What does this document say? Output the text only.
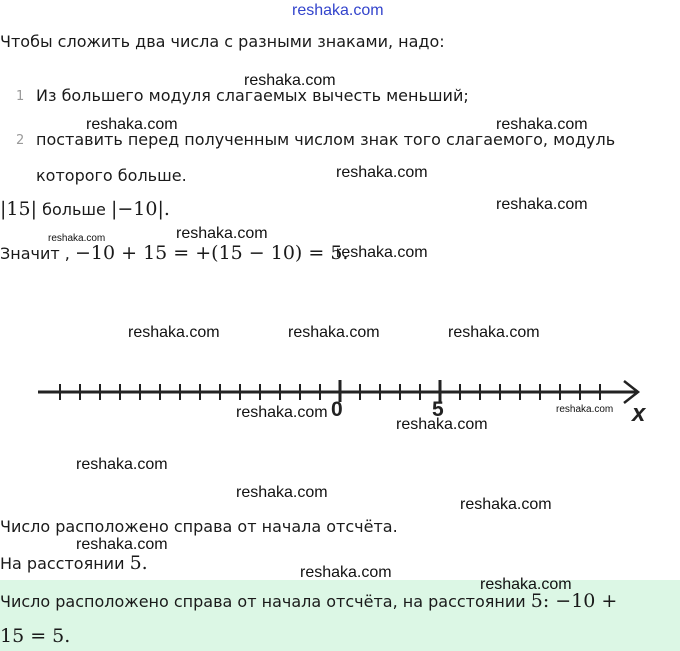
reshaka.com
Чтобы сложить два числа с разными знаками, надо:
1 Из большего модуля слагаемых вычесть меньший;
2 поставить перед полученным числом знак того слагаемого, модуль
которого больше.
|15| больше |−10|.
Значит , −10 + 15 = +(15 − 10) = 5.
0	5	x
Число расположено справа от начала отсчёта.
На расстоянии 5.
Число расположено справа от начала отсчёта, на расстоянии 5: −10 +
15 = 5.
reshaka.com
reshaka.com	reshaka.com
reshaka.com
reshaka.com
reshaka.com
reshaka.com
reshaka.com
reshaka.com	reshaka.com	reshaka.com
reshaka.com	reshaka.com
reshaka.com
reshaka.com
reshaka.com
reshaka.com
reshaka.com
reshaka.com
reshaka.com
